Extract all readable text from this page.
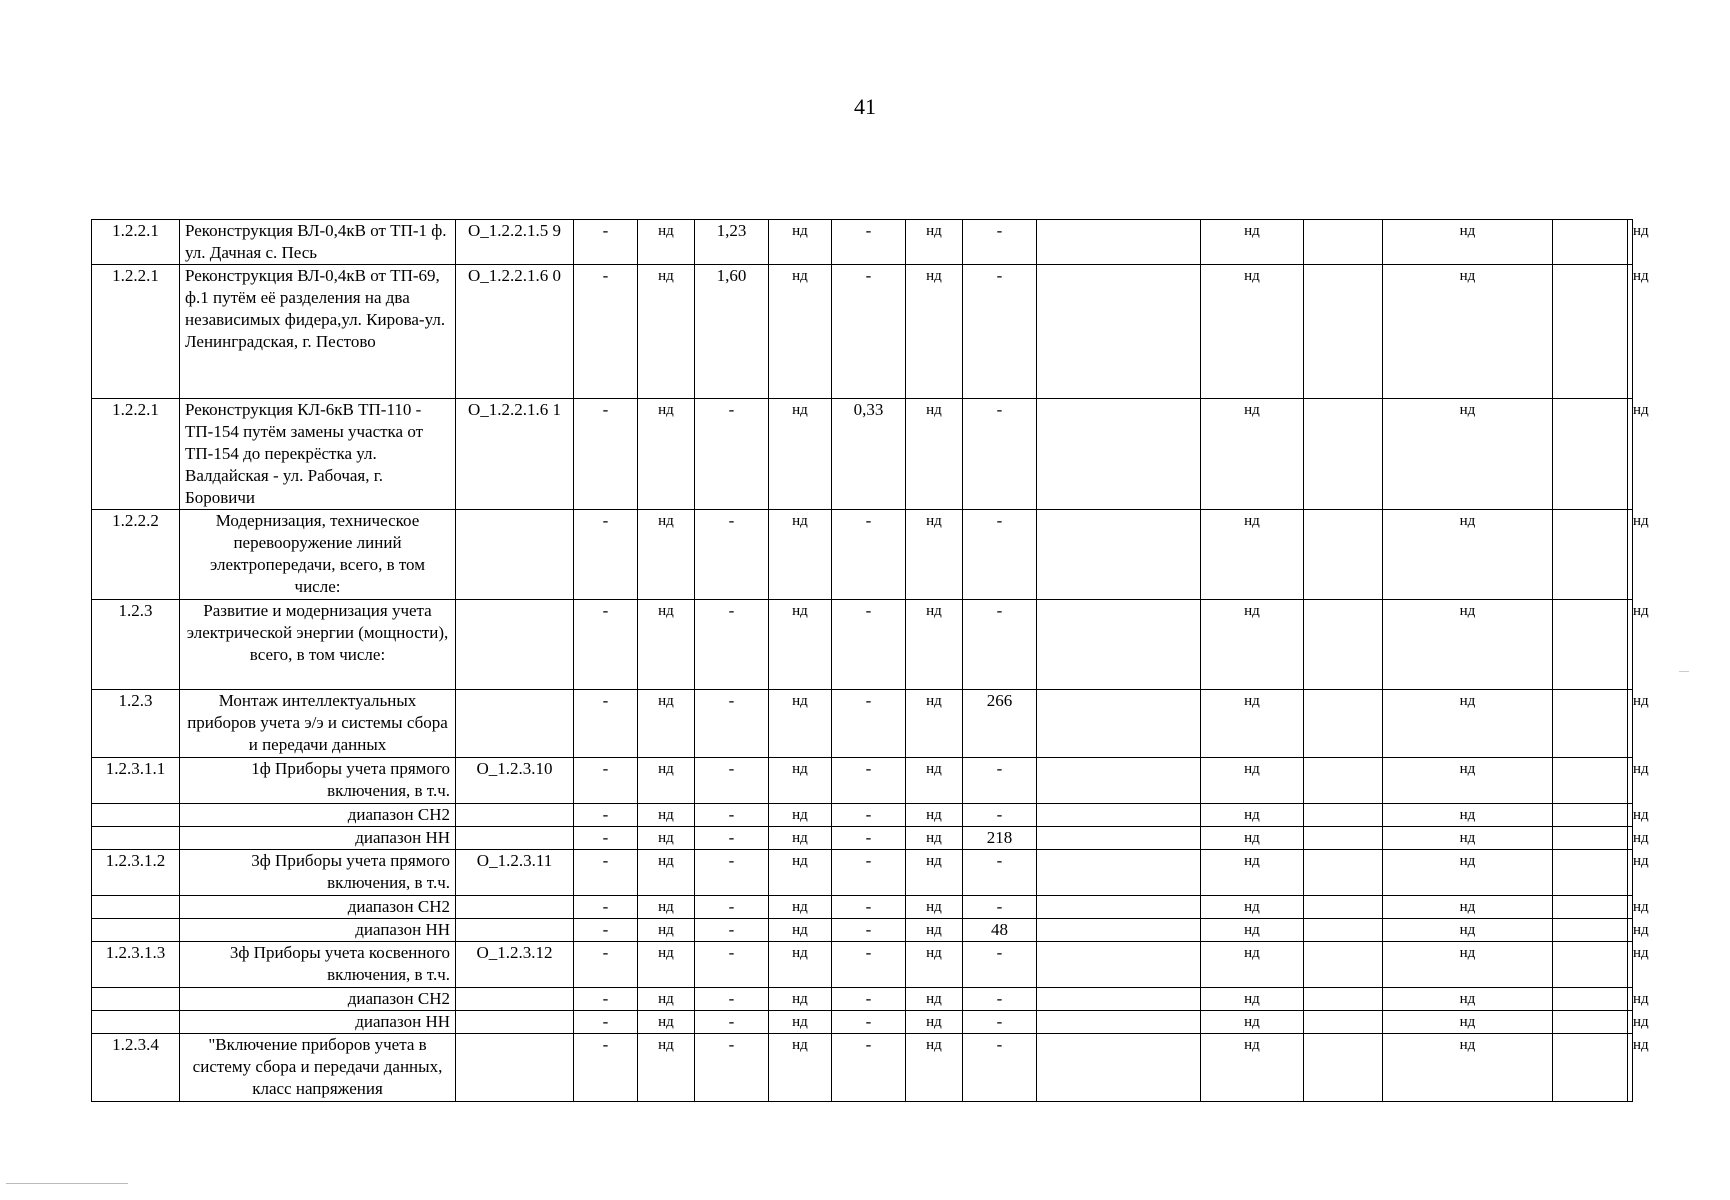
41
1.2.2.1	Реконструкция ВЛ-0,4кВ от ТП-1 ф. ул. Дачная с. Песь	О_1.2.2.1.5 9	-	нд	1,23	нд	-	нд	-		нд		нд		нд		
1.2.2.1	Реконструкция ВЛ-0,4кВ от ТП-69, ф.1 путём её разделения на два независимых фидера,ул. Кирова-ул. Ленинградская, г. Пестово	О_1.2.2.1.6 0	-	нд	1,60	нд	-	нд	-		нд		нд		нд		
1.2.2.1	Реконструкция КЛ-6кВ ТП-110 - ТП-154 путём замены участка от ТП-154 до перекрёстка ул. Валдайская - ул. Рабочая, г. Боровичи	О_1.2.2.1.6 1	-	нд	-	нд	0,33	нд	-		нд		нд		нд		
1.2.2.2	Модернизация, техническое перевооружение линий электропередачи, всего, в том числе:		-	нд	-	нд	-	нд	-		нд		нд		нд		
1.2.3	Развитие и модернизация учета электрической энергии (мощности), всего, в том числе:		-	нд	-	нд	-	нд	-		нд		нд		нд		
1.2.3	Монтаж интеллектуальных приборов учета э/э и системы сбора и передачи данных		-	нд	-	нд	-	нд	266		нд		нд		нд		
1.2.3.1.1	1ф Приборы учета прямого включения, в т.ч.	О_1.2.3.10	-	нд	-	нд	-	нд	-		нд		нд		нд		
	диапазон СН2		-	нд	-	нд	-	нд	-		нд		нд		нд		
	диапазон НН		-	нд	-	нд	-	нд	218		нд		нд		нд		
1.2.3.1.2	3ф Приборы учета прямого включения, в т.ч.	О_1.2.3.11	-	нд	-	нд	-	нд	-		нд		нд		нд		
	диапазон СН2		-	нд	-	нд	-	нд	-		нд		нд		нд		
	диапазон НН		-	нд	-	нд	-	нд	48		нд		нд		нд		
1.2.3.1.3	3ф Приборы учета косвенного включения, в т.ч.	О_1.2.3.12	-	нд	-	нд	-	нд	-		нд		нд		нд		
	диапазон СН2		-	нд	-	нд	-	нд	-		нд		нд		нд		
	диапазон НН		-	нд	-	нд	-	нд	-		нд		нд		нд		
1.2.3.4	"Включение приборов учета в систему сбора и передачи данных, класс напряжения		-	нд	-	нд	-	нд	-		нд		нд		нд		
